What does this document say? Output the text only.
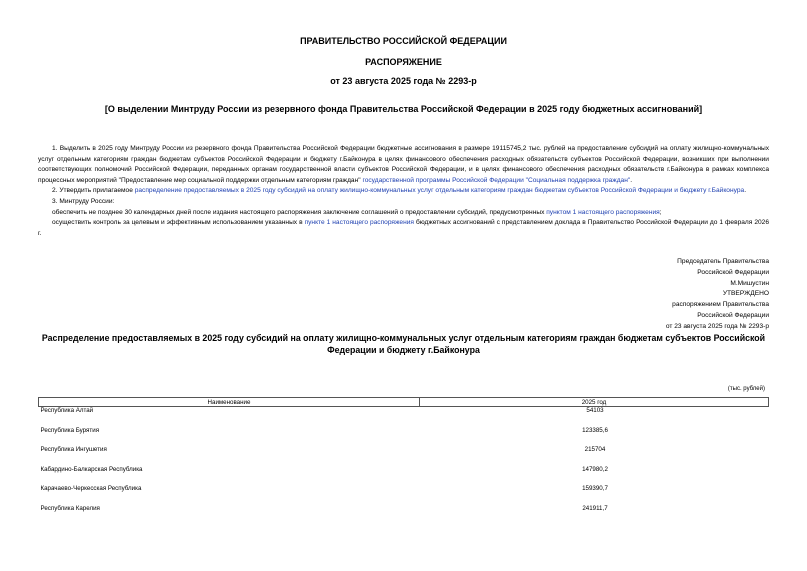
ПРАВИТЕЛЬСТВО РОССИЙСКОЙ ФЕДЕРАЦИИ
РАСПОРЯЖЕНИЕ
от 23 августа 2025 года № 2293-р
[О выделении Минтруду России из резервного фонда Правительства Российской Федерации в 2025 году бюджетных ассигнований]

1. Выделить в 2025 году Минтруду России из резервного фонда Правительства Российской Федерации бюджетные ассигнования в размере 19115745,2 тыс. рублей на предоставление субсидий на оплату жилищно-коммунальных услуг отдельным категориям граждан бюджетам субъектов Российской Федерации и бюджету г.Байконура в целях финансового обеспечения расходных обязательств субъектов Российской Федерации, возникших при выполнении соответствующих полномочий Российской Федерации, переданных органам государственной власти субъектов Российской Федерации, и в целях финансового обеспечения расходных обязательств г.Байконура в рамках комплекса процессных мероприятий "Предоставление мер социальной поддержки отдельным категориям граждан" государственной программы Российской Федерации "Социальная поддержка граждан".

2. Утвердить прилагаемое распределение предоставляемых в 2025 году субсидий на оплату жилищно-коммунальных услуг отдельным категориям граждан бюджетам субъектов Российской Федерации и бюджету г.Байконура.

3. Минтруду России:

обеспечить не позднее 30 календарных дней после издания настоящего распоряжения заключение соглашений о предоставлении субсидий, предусмотренных пунктом 1 настоящего распоряжения;

осуществить контроль за целевым и эффективным использованием указанных в пункте 1 настоящего распоряжения бюджетных ассигнований с представлением доклада в Правительство Российской Федерации до 1 февраля 2026 г.

Председатель Правительства
Российской Федерации
М.Мишустин
УТВЕРЖДЕНО
распоряжением Правительства
Российской Федерации
от 23 августа 2025 года № 2293-р
Распределение предоставляемых в 2025 году субсидий на оплату жилищно-коммунальных услуг отдельным категориям граждан бюджетам субъектов Российской Федерации и бюджету г.Байконура
(тыс. рублей)
Наименование	2025 год
Республика Алтай	54103
Республика Бурятия	123385,6
Республика Ингушетия	215704
Кабардино-Балкарская Республика	147980,2
Карачаево-Черкесская Республика	159390,7
Республика Карелия	241911,7
